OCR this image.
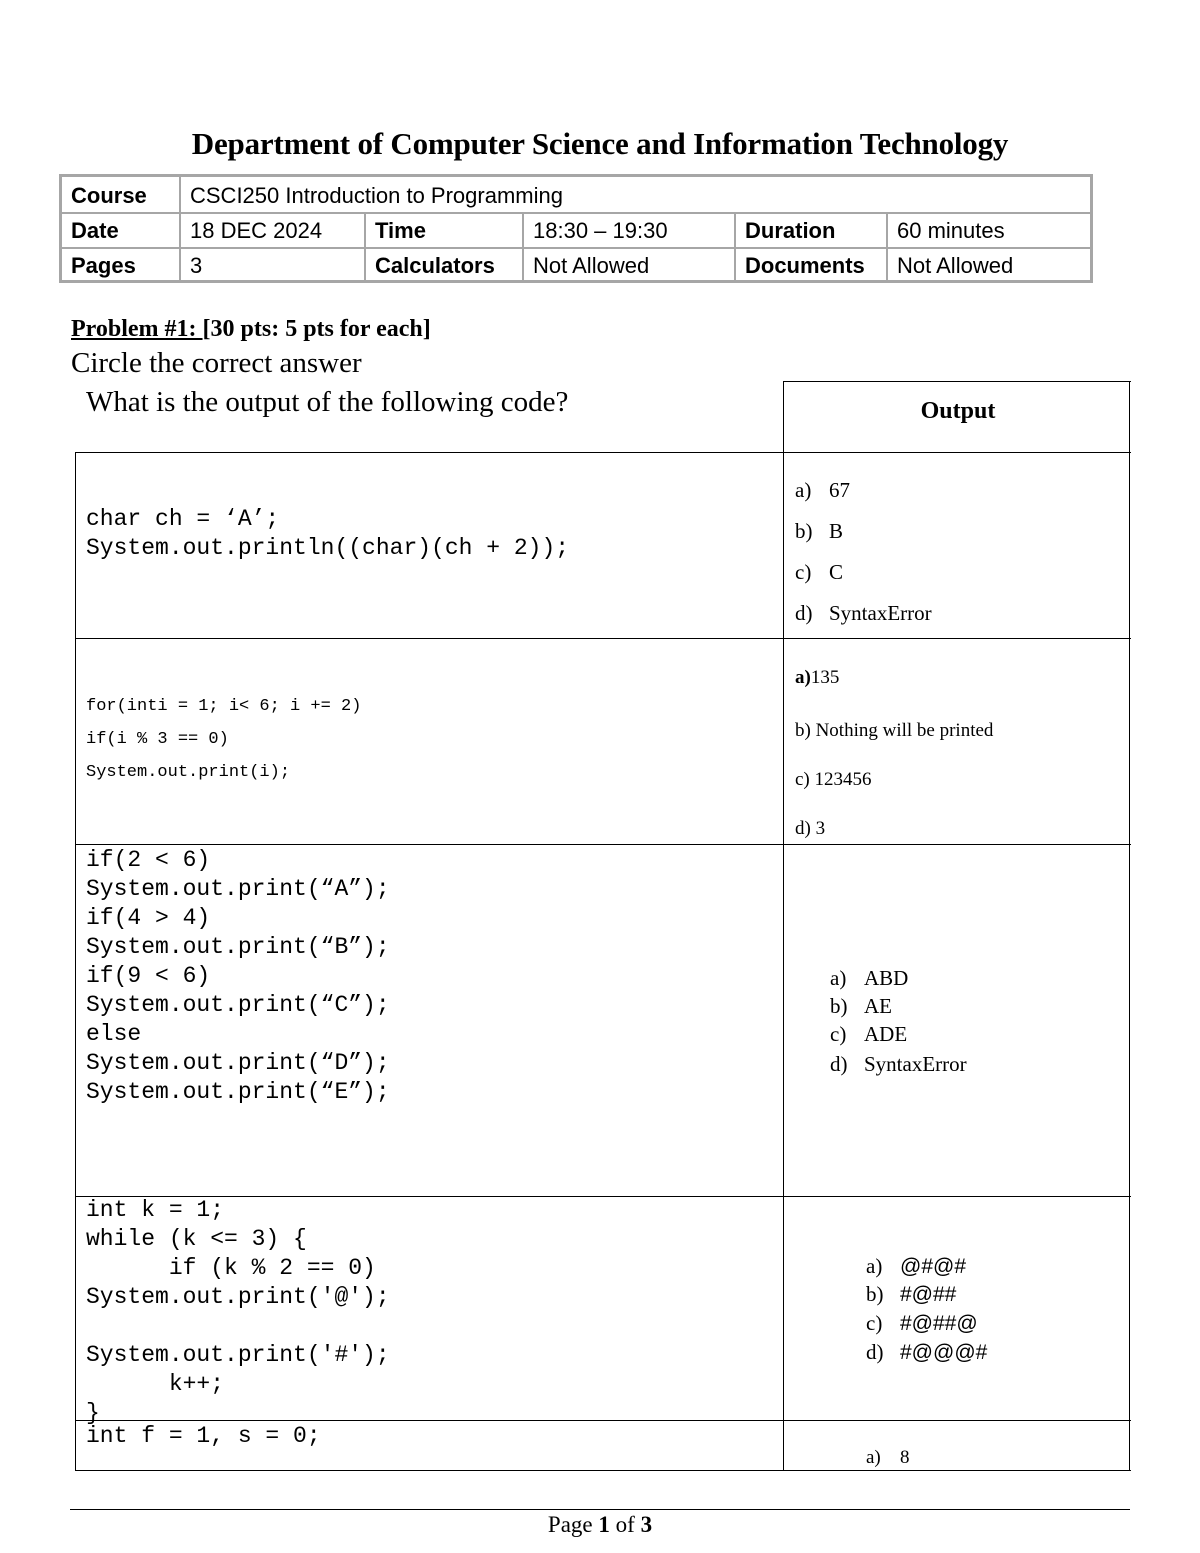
Department of Computer Science and Information Technology
Course	CSCI250 Introduction to Programming
Date	18 DEC 2024	Time	18:30 – 19:30	Duration	60 minutes
Pages	3	Calculators	Not Allowed	Documents	Not Allowed
Problem #1: [30 pts: 5 pts for each]
Circle the correct answer
What is the output of the following code?	Output
char ch = ‘A’;
System.out.println((char)(ch + 2));
a) 67
b) B
c) C
d) SyntaxError
for(inti = 1; i< 6; i += 2)
if(i % 3 == 0)
System.out.print(i);
a)135
b) Nothing will be printed
c) 123456
d) 3
if(2 < 6)
System.out.print(“A”);
if(4 > 4)
System.out.print(“B”);
if(9 < 6)
System.out.print(“C”);
else
System.out.print(“D”);
System.out.print(“E”);
a) ABD
b) AE
c) ADE
d) SyntaxError
int k = 1;
while (k <= 3) {
if (k % 2 == 0)
System.out.print('@');

System.out.print('#');
k++;
}
a) @#@#
b) #@##
c) #@##@
d) #@@@#
int f = 1, s = 0;
a) 8
Page 1 of 3
